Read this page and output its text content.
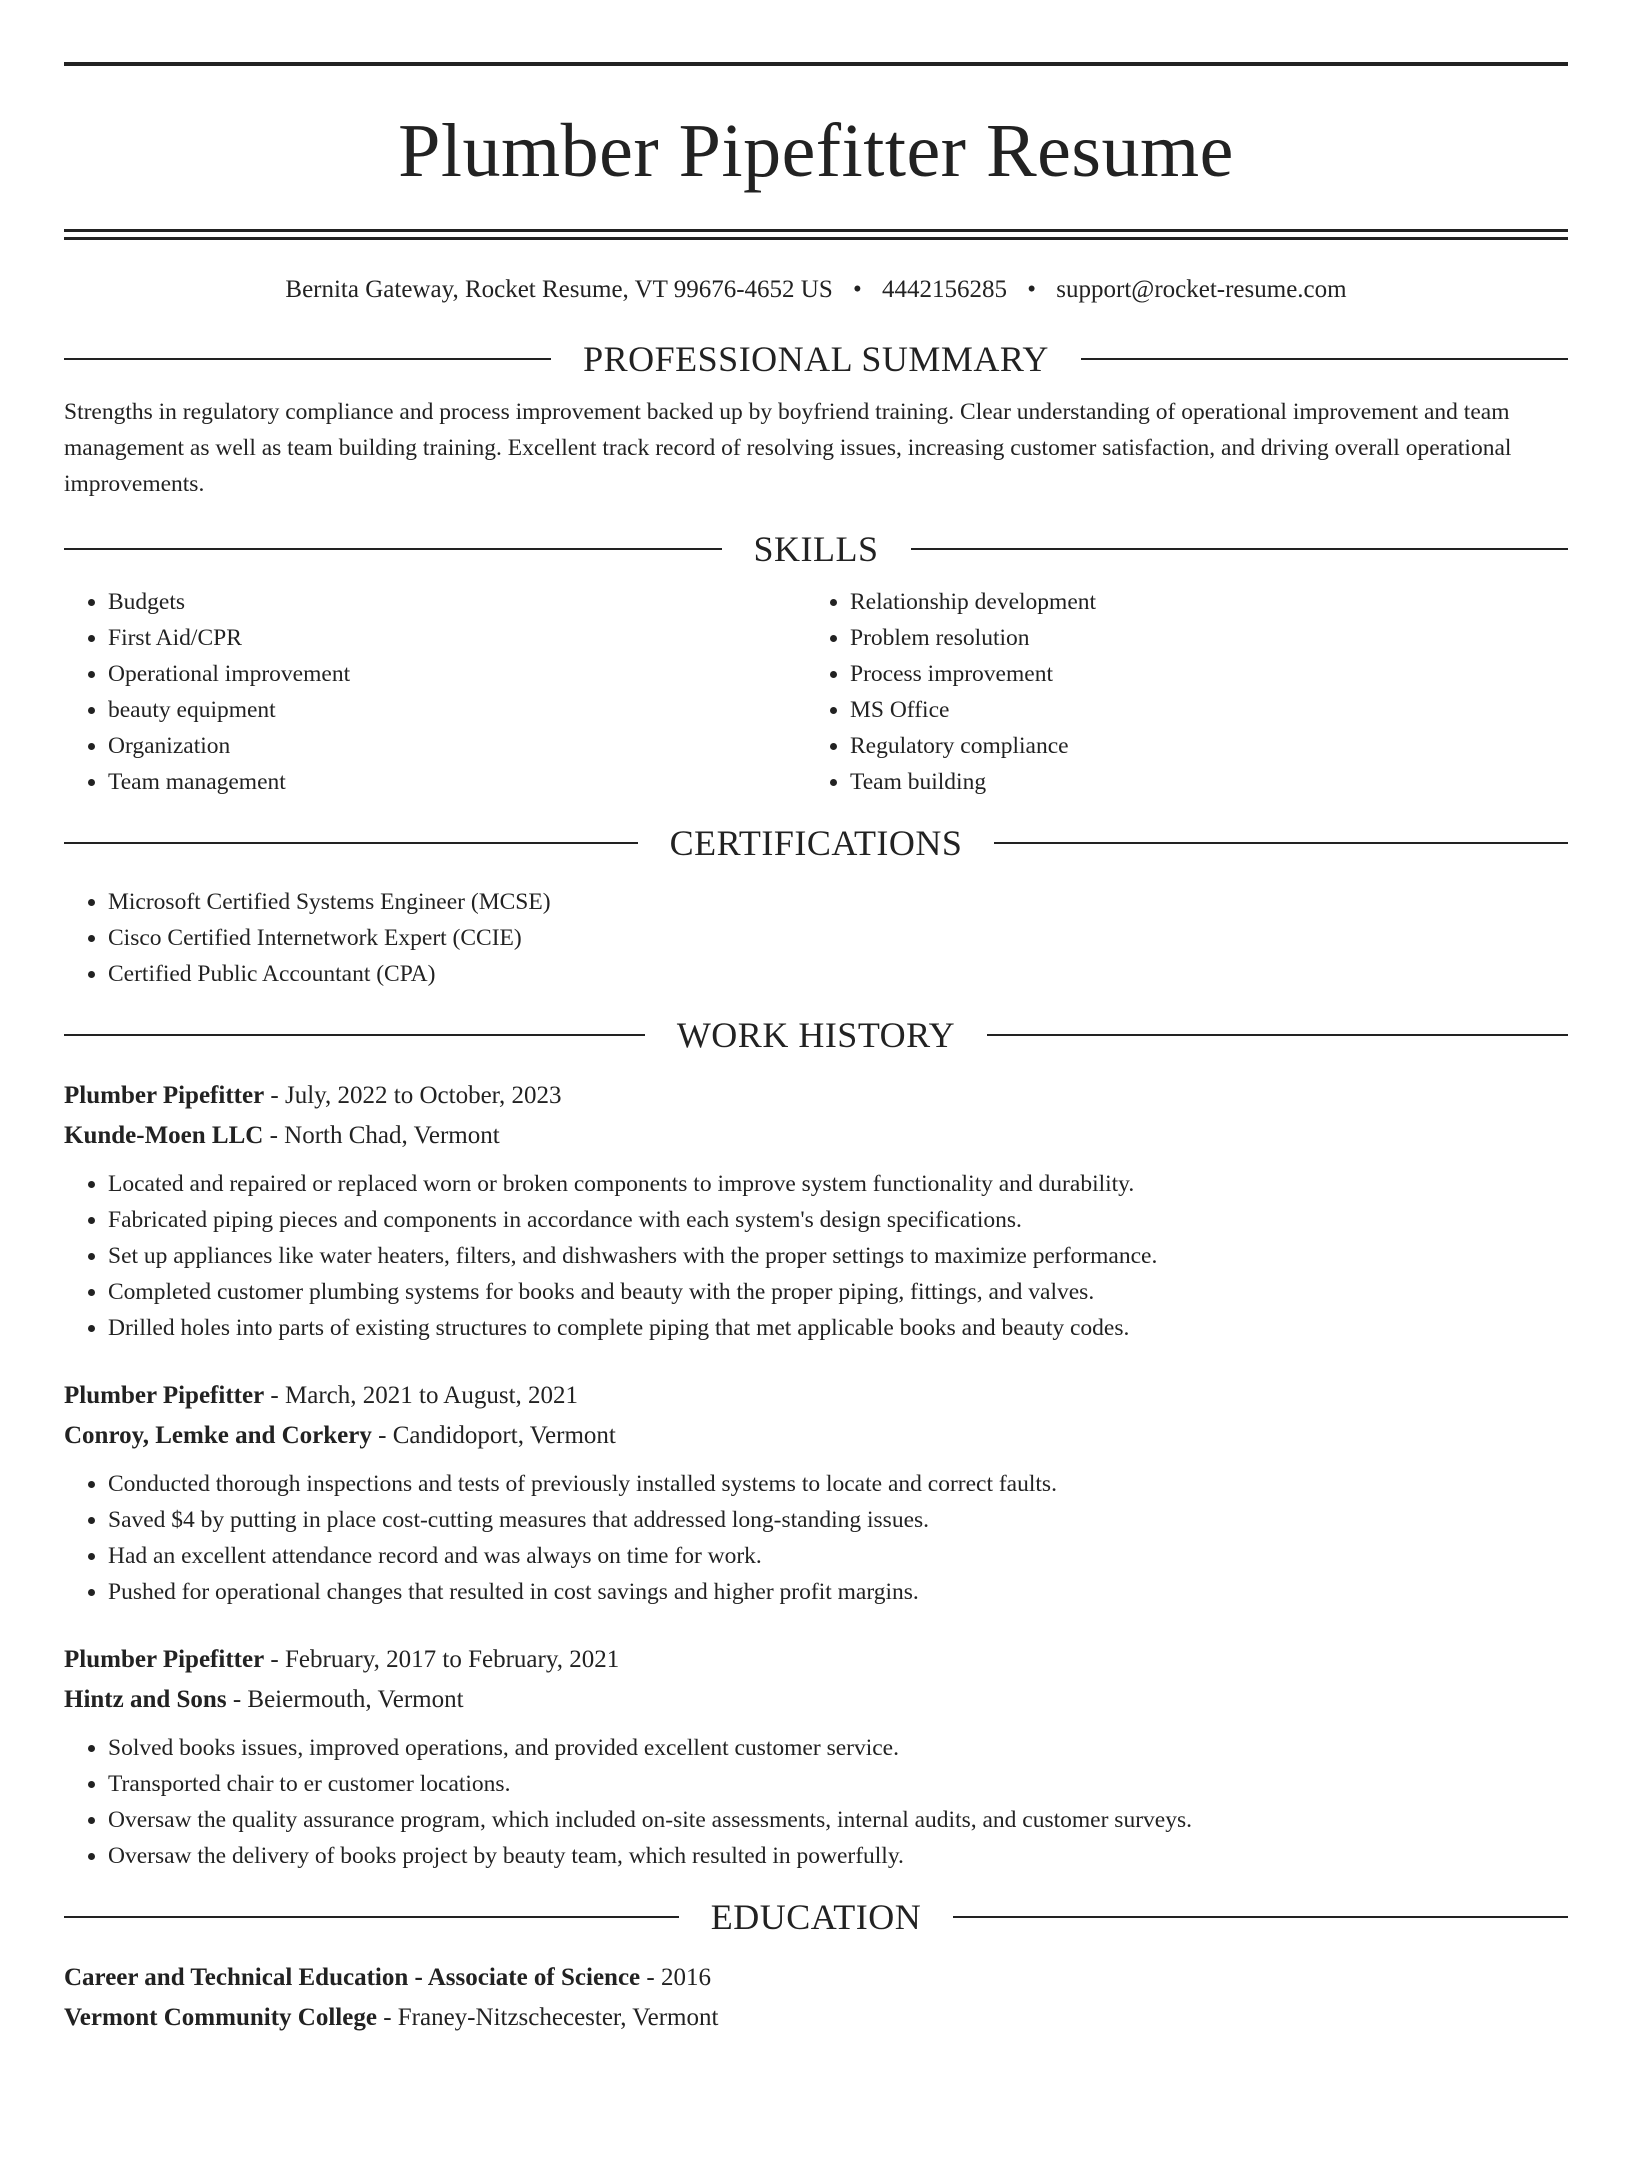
Plumber Pipefitter Resume
Bernita Gateway, Rocket Resume, VT 99676-4652 US • 4442156285 • support@rocket-resume.com
PROFESSIONAL SUMMARY

Strengths in regulatory compliance and process improvement backed up by boyfriend training. Clear understanding of operational improvement and team management as well as team building training. Excellent track record of resolving issues, increasing customer satisfaction, and driving overall operational improvements.

SKILLS
• Budgets
• First Aid/CPR
• Operational improvement
• beauty equipment
• Organization
• Team management
• Relationship development
• Problem resolution
• Process improvement
• MS Office
• Regulatory compliance
• Team building
CERTIFICATIONS
• Microsoft Certified Systems Engineer (MCSE)
• Cisco Certified Internetwork Expert (CCIE)
• Certified Public Accountant (CPA)
WORK HISTORY
Plumber Pipefitter - July, 2022 to October, 2023
Kunde-Moen LLC - North Chad, Vermont
• Located and repaired or replaced worn or broken components to improve system functionality and durability.
• Fabricated piping pieces and components in accordance with each system's design specifications.
• Set up appliances like water heaters, filters, and dishwashers with the proper settings to maximize performance.
• Completed customer plumbing systems for books and beauty with the proper piping, fittings, and valves.
• Drilled holes into parts of existing structures to complete piping that met applicable books and beauty codes.
Plumber Pipefitter - March, 2021 to August, 2021
Conroy, Lemke and Corkery - Candidoport, Vermont
• Conducted thorough inspections and tests of previously installed systems to locate and correct faults.
• Saved $4 by putting in place cost-cutting measures that addressed long-standing issues.
• Had an excellent attendance record and was always on time for work.
• Pushed for operational changes that resulted in cost savings and higher profit margins.
Plumber Pipefitter - February, 2017 to February, 2021
Hintz and Sons - Beiermouth, Vermont
• Solved books issues, improved operations, and provided excellent customer service.
• Transported chair to er customer locations.
• Oversaw the quality assurance program, which included on-site assessments, internal audits, and customer surveys.
• Oversaw the delivery of books project by beauty team, which resulted in powerfully.
EDUCATION
Career and Technical Education - Associate of Science - 2016
Vermont Community College - Franey-Nitzschecester, Vermont
